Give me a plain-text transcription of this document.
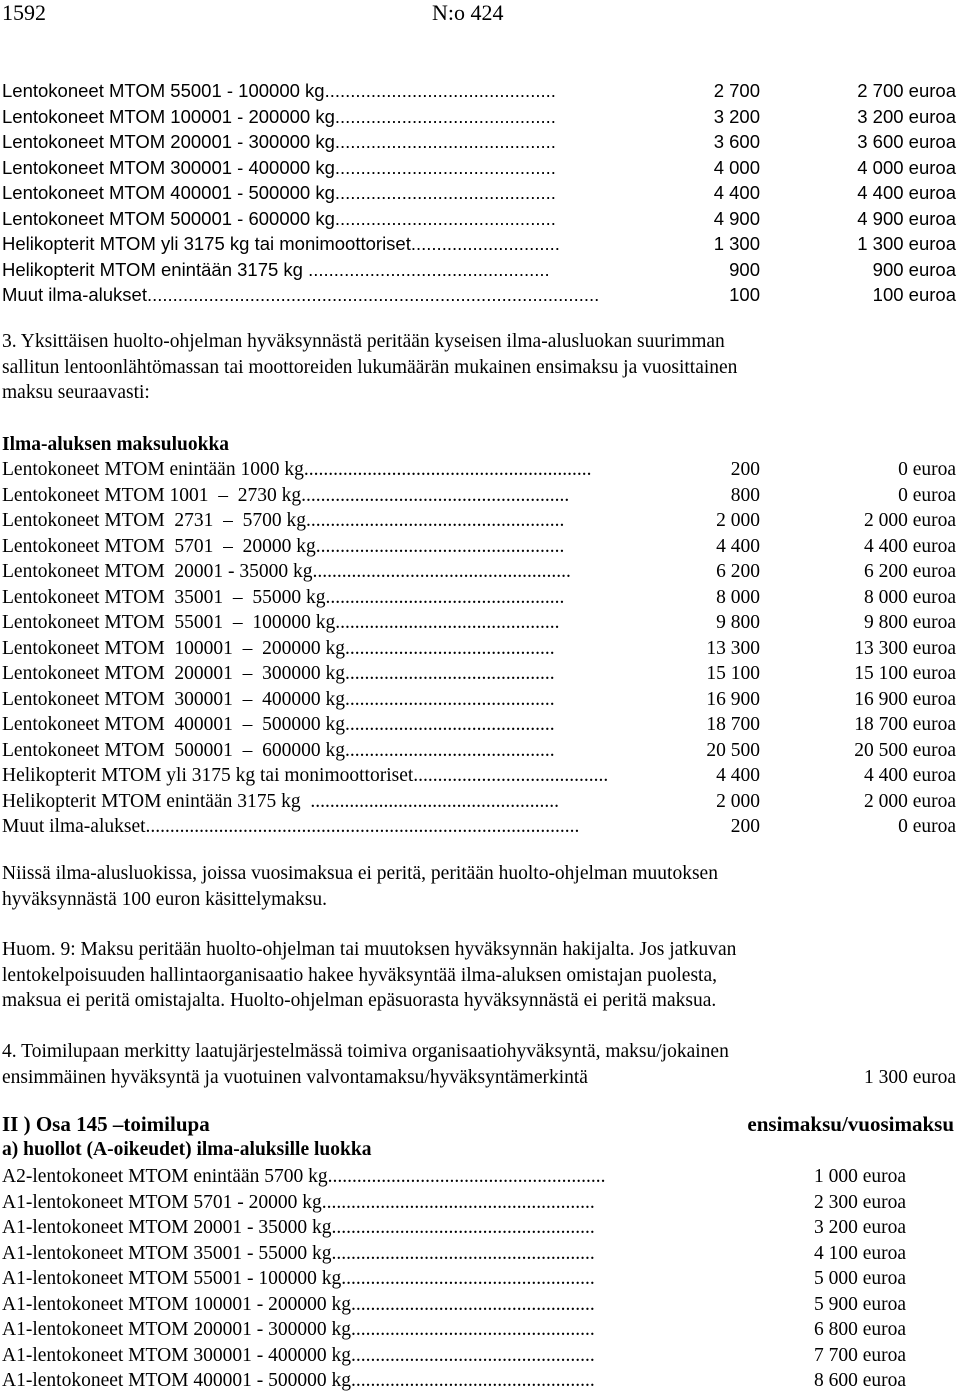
1592	N:o 424
Lentokoneet MTOM 55001 - 100000 kg.............................................	2 700	2 700 euroa
Lentokoneet MTOM 100001 - 200000 kg...........................................	3 200	3 200 euroa
Lentokoneet MTOM 200001 - 300000 kg...........................................	3 600	3 600 euroa
Lentokoneet MTOM 300001 - 400000 kg...........................................	4 000	4 000 euroa
Lentokoneet MTOM 400001 - 500000 kg...........................................	4 400	4 400 euroa
Lentokoneet MTOM 500001 - 600000 kg...........................................	4 900	4 900 euroa
Helikopterit MTOM yli 3175 kg tai monimoottoriset.............................	1 300	1 300 euroa
Helikopterit MTOM enintään 3175 kg ...............................................	900	900 euroa
Muut ilma-alukset........................................................................................	100	100 euroa
3. Yksittäisen huolto-ohjelman hyväksynnästä peritään kyseisen ilma-alusluokan suurimman
sallitun lentoonlähtömassan tai moottoreiden lukumäärän mukainen ensimaksu ja vuosittainen
maksu seuraavasti:
Ilma-aluksen maksuluokka
Lentokoneet MTOM enintään 1000 kg...........................................................	200	0 euroa
Lentokoneet MTOM 1001  –  2730 kg.......................................................	800	0 euroa
Lentokoneet MTOM  2731  –  5700 kg.....................................................	2 000	2 000 euroa
Lentokoneet MTOM  5701  –  20000 kg...................................................	4 400	4 400 euroa
Lentokoneet MTOM  20001 - 35000 kg.....................................................	6 200	6 200 euroa
Lentokoneet MTOM  35001  –  55000 kg.................................................	8 000	8 000 euroa
Lentokoneet MTOM  55001  –  100000 kg..............................................	9 800	9 800 euroa
Lentokoneet MTOM  100001  –  200000 kg...........................................	13 300	13 300 euroa
Lentokoneet MTOM  200001  –  300000 kg...........................................	15 100	15 100 euroa
Lentokoneet MTOM  300001  –  400000 kg...........................................	16 900	16 900 euroa
Lentokoneet MTOM  400001  –  500000 kg...........................................	18 700	18 700 euroa
Lentokoneet MTOM  500001  –  600000 kg...........................................	20 500	20 500 euroa
Helikopterit MTOM yli 3175 kg tai monimoottoriset........................................	4 400	4 400 euroa
Helikopterit MTOM enintään 3175 kg  ...................................................	2 000	2 000 euroa
Muut ilma-alukset.........................................................................................	200	0 euroa
Niissä ilma-alusluokissa, joissa vuosimaksua ei peritä, peritään huolto-ohjelman muutoksen
hyväksynnästä 100 euron käsittelymaksu.
Huom. 9: Maksu peritään huolto-ohjelman tai muutoksen hyväksynnän hakijalta. Jos jatkuvan
lentokelpoisuuden hallintaorganisaatio hakee hyväksyntää ilma-aluksen omistajan puolesta,
maksua ei peritä omistajalta. Huolto-ohjelman epäsuorasta hyväksynnästä ei peritä maksua.
4. Toimilupaan merkitty laatujärjestelmässä toimiva organisaatiohyväksyntä, maksu/jokainen
ensimmäinen hyväksyntä ja vuotuinen valvontamaksu/hyväksyntämerkintä	1 300 euroa
II ) Osa 145 –toimilupa	ensimaksu/vuosimaksu
a) huollot (A-oikeudet) ilma-aluksille luokka
A2-lentokoneet MTOM enintään 5700 kg.........................................................	1 000 euroa
A1-lentokoneet MTOM 5701 - 20000 kg........................................................	2 300 euroa
A1-lentokoneet MTOM 20001 - 35000 kg......................................................	3 200 euroa
A1-lentokoneet MTOM 35001 - 55000 kg......................................................	4 100 euroa
A1-lentokoneet MTOM 55001 - 100000 kg....................................................	5 000 euroa
A1-lentokoneet MTOM 100001 - 200000 kg..................................................	5 900 euroa
A1-lentokoneet MTOM 200001 - 300000 kg..................................................	6 800 euroa
A1-lentokoneet MTOM 300001 - 400000 kg..................................................	7 700 euroa
A1-lentokoneet MTOM 400001 - 500000 kg..................................................	8 600 euroa
